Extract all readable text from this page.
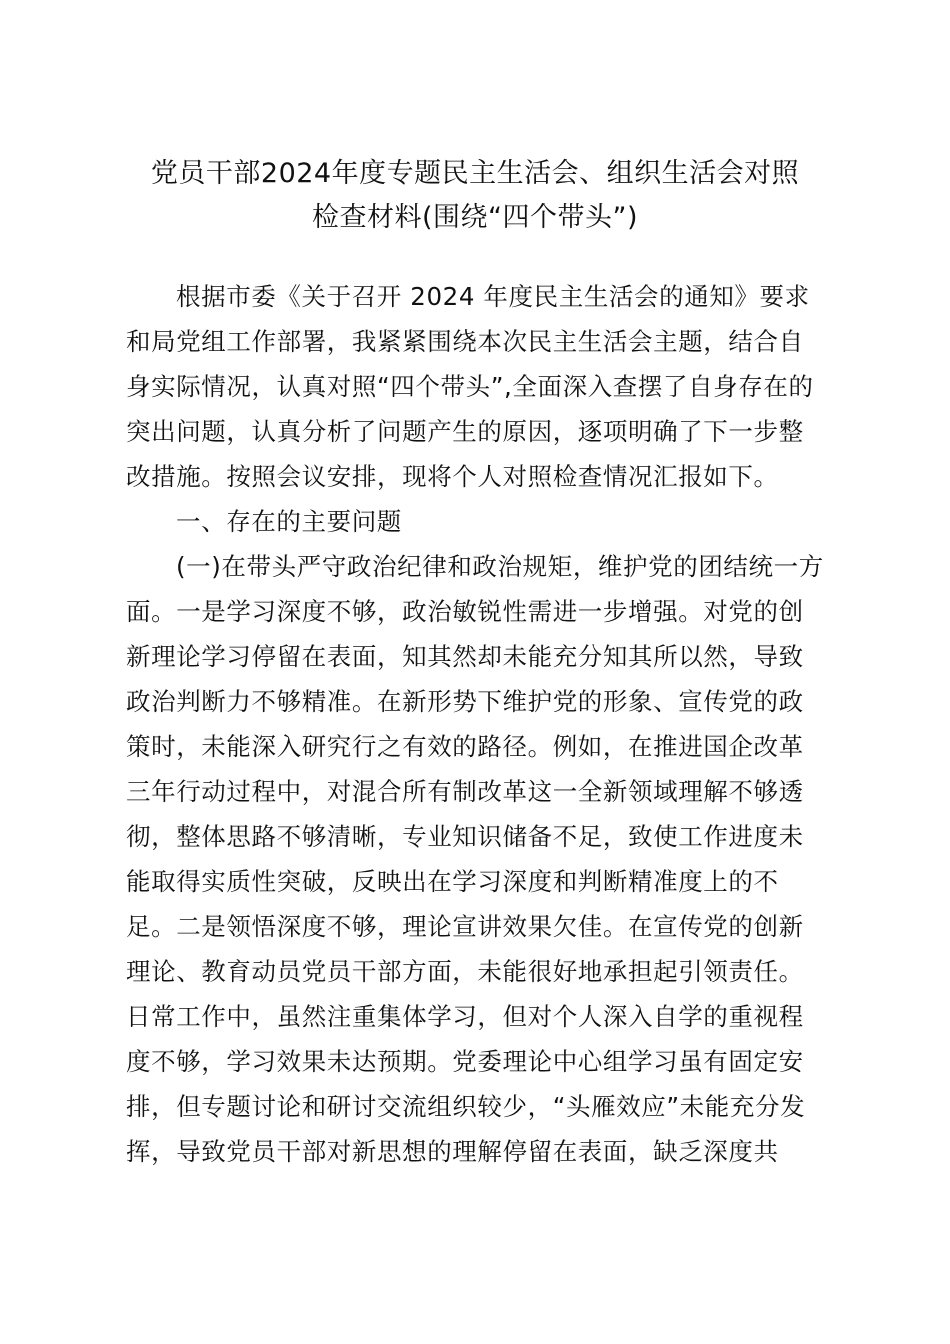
党员干部2024年度专题民主生活会、组织生活会对照
检查材料(围绕“四个带头”)
根据市委《关于召开 2024 年度民主生活会的通知》要求
和局党组工作部署，我紧紧围绕本次民主生活会主题，结合自
身实际情况，认真对照“四个带头”,全面深入查摆了自身存在的
突出问题，认真分析了问题产生的原因，逐项明确了下一步整
改措施。按照会议安排，现将个人对照检查情况汇报如下。
一、存在的主要问题
(一)在带头严守政治纪律和政治规矩，维护党的团结统一方
面。一是学习深度不够，政治敏锐性需进一步增强。对党的创
新理论学习停留在表面，知其然却未能充分知其所以然，导致
政治判断力不够精准。在新形势下维护党的形象、宣传党的政
策时，未能深入研究行之有效的路径。例如，在推进国企改革
三年行动过程中，对混合所有制改革这一全新领域理解不够透
彻，整体思路不够清晰，专业知识储备不足，致使工作进度未
能取得实质性突破，反映出在学习深度和判断精准度上的不
足。二是领悟深度不够，理论宣讲效果欠佳。在宣传党的创新
理论、教育动员党员干部方面，未能很好地承担起引领责任。
日常工作中，虽然注重集体学习，但对个人深入自学的重视程
度不够，学习效果未达预期。党委理论中心组学习虽有固定安
排，但专题讨论和研讨交流组织较少，“头雁效应”未能充分发
挥，导致党员干部对新思想的理解停留在表面，缺乏深度共
